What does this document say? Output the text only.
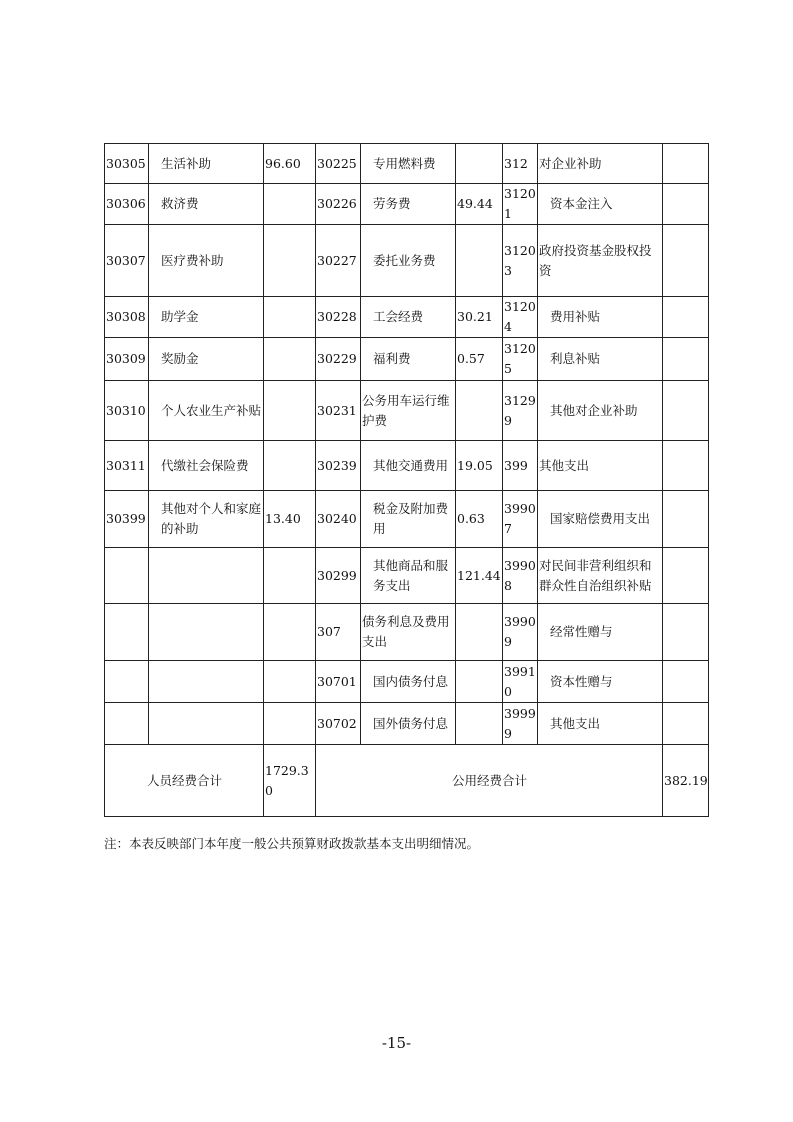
30305	生活补助	96.60	30225	专用燃料费		312	对企业补助	
30306	救济费		30226	劳务费	49.44	31201	资本金注入	
30307	医疗费补助		30227	委托业务费		31203	政府投资基金股权投资	
30308	助学金		30228	工会经费	30.21	31204	费用补贴	
30309	奖励金		30229	福利费	0.57	31205	利息补贴	
30310	个人农业生产补贴		30231	公务用车运行维护费		31299	其他对企业补助	
30311	代缴社会保险费		30239	其他交通费用	19.05	399	其他支出	
30399	其他对个人和家庭的补助	13.40	30240	税金及附加费用	0.63	39907	国家赔偿费用支出	
			30299	其他商品和服务支出	121.44	39908	对民间非营利组织和群众性自治组织补贴	
			307	债务利息及费用支出		39909	经常性赠与	
			30701	国内债务付息		39910	资本性赠与	
			30702	国外债务付息		39999	其他支出	
人员经费合计		1729.30	公用经费合计					382.19
注：本表反映部门本年度一般公共预算财政拨款基本支出明细情况。
-15-
